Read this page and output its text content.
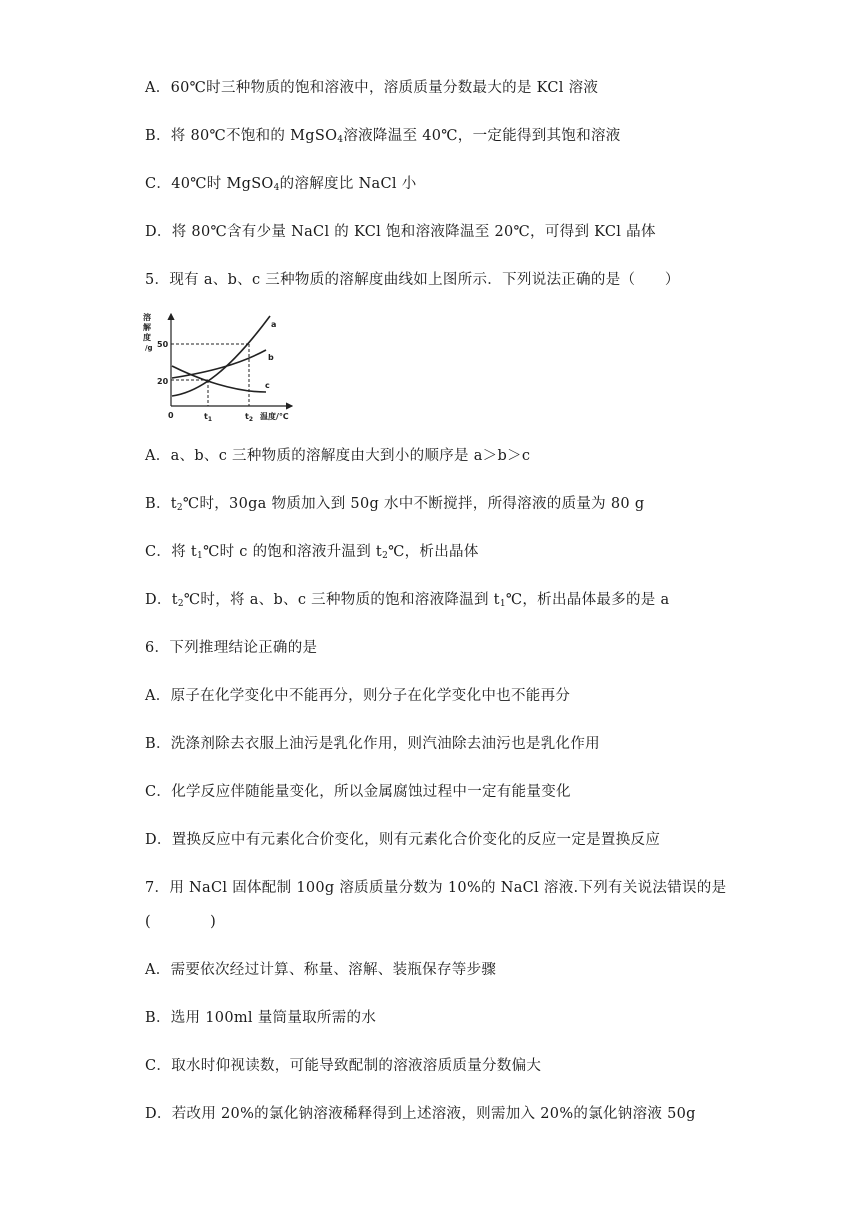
A．60℃时三种物质的饱和溶液中，溶质质量分数最大的是 KCl 溶液
B．将 80℃不饱和的 MgSO$_4$溶液降温至 40℃，一定能得到其饱和溶液
C．40℃时 MgSO$_4$的溶解度比 NaCl 小
D．将 80℃含有少量 NaCl 的 KCl 饱和溶液降温至 20℃，可得到 KCl 晶体
5．现有 a、b、c 三种物质的溶解度曲线如上图所示．下列说法正确的是（　　）
溶
解
度
/g 50
20
0	$t_1$	$t_2$ 温度/℃
a
b
c
A．a、b、c 三种物质的溶解度由大到小的顺序是 a＞b＞c
B．$t_2℃$时，30ga 物质加入到 50g 水中不断搅拌，所得溶液的质量为 80 g
C．将 $t_1℃$时 c 的饱和溶液升温到 $t_2℃$，析出晶体
D．$t_2℃$时，将 a、b、c 三种物质的饱和溶液降温到 $t_1℃$，析出晶体最多的是 a
6．下列推理结论正确的是
A．原子在化学变化中不能再分，则分子在化学变化中也不能再分
B．洗涤剂除去衣服上油污是乳化作用，则汽油除去油污也是乳化作用
C．化学反应伴随能量变化，所以金属腐蚀过程中一定有能量变化
D．置换反应中有元素化合价变化，则有元素化合价变化的反应一定是置换反应
7．用 NaCl 固体配制 100g 溶质质量分数为 10%的 NaCl 溶液.下列有关说法错误的是
(　　　　)
A．需要依次经过计算、称量、溶解、装瓶保存等步骤
B．选用 100ml 量筒量取所需的水
C．取水时仰视读数，可能导致配制的溶液溶质质量分数偏大
D．若改用 20%的氯化钠溶液稀释得到上述溶液，则需加入 20%的氯化钠溶液 50g
